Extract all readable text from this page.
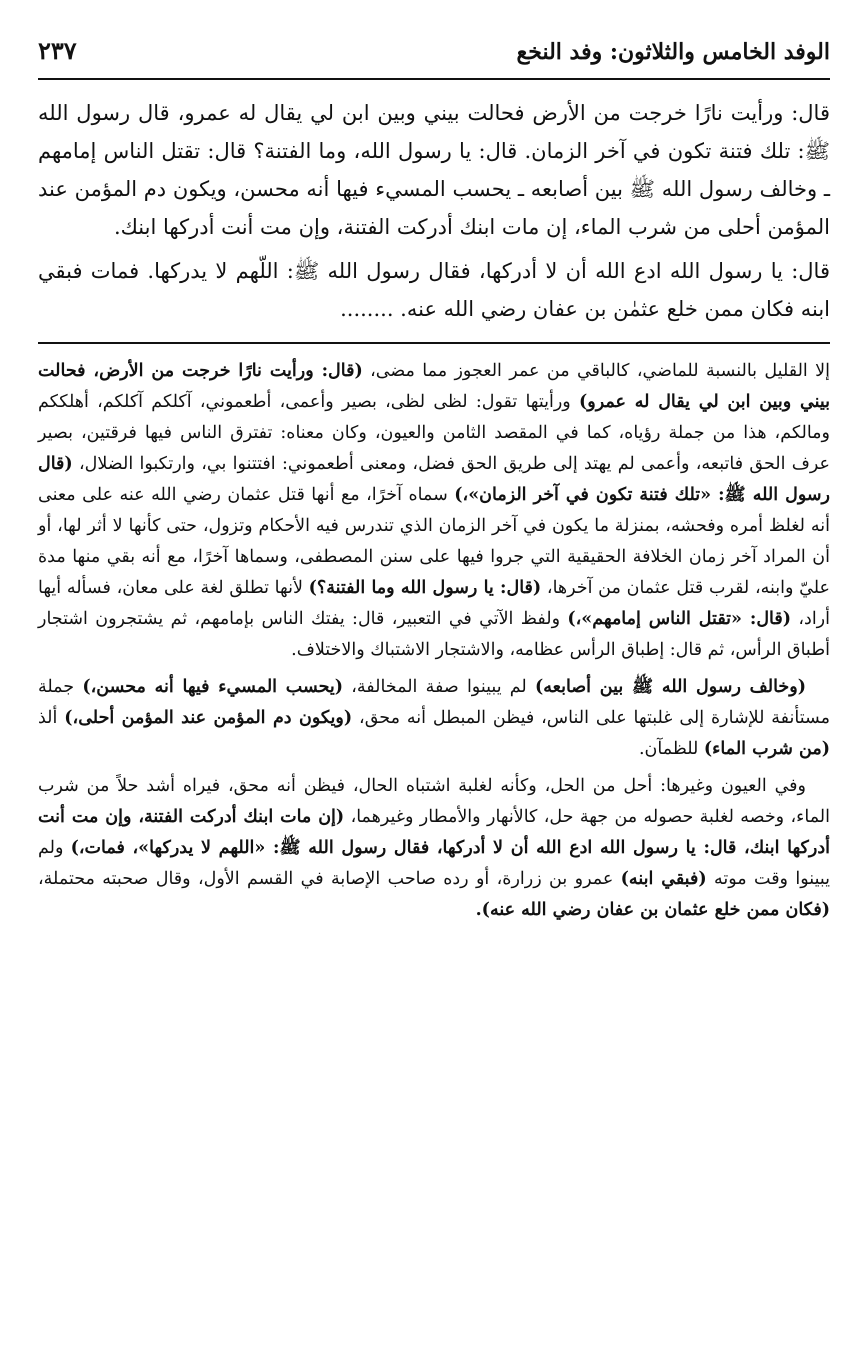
الوفد الخامس والثلاثون: وفد النخع
٢٣٧

قال: ورأيت نارًا خرجت من الأرض فحالت بيني وبين ابن لي يقال له عمرو، قال رسول الله ﷺ: تلك فتنة تكون في آخر الزمان. قال: يا رسول الله، وما الفتنة؟ قال: تقتل الناس إمامهم ـ وخالف رسول الله ﷺ بين أصابعه ـ يحسب المسيء فيها أنه محسن، ويكون دم المؤمن عند المؤمن أحلى من شرب الماء، إن مات ابنك أدركت الفتنة، وإن مت أنت أدركها ابنك.

قال: يا رسول الله ادع الله أن لا أدركها، فقال رسول الله ﷺ: اللّهم لا يدركها. فمات فبقي ابنه فكان ممن خلع عثمٰن بن عفان رضي الله عنه. ........

إلا القليل بالنسبة للماضي، كالباقي من عمر العجوز مما مضى، (قال: ورأيت نارًا خرجت من الأرض، فحالت بيني وبين ابن لي يقال له عمرو) ورأيتها تقول: لظى لظى، بصير وأعمى، أطعموني، آكلكم آكلكم، أهلككم ومالكم، هذا من جملة رؤياه، كما في المقصد الثامن والعيون، وكان معناه: تفترق الناس فيها فرقتين، بصير عرف الحق فاتبعه، وأعمى لم يهتد إلى طريق الحق فضل، ومعنى أطعموني: افتتنوا بي، وارتكبوا الضلال، (قال رسول الله ﷺ: «تلك فتنة تكون في آخر الزمان»،) سماه آخرًا، مع أنها قتل عثمان رضي الله عنه على معنى أنه لغلظ أمره وفحشه، بمنزلة ما يكون في آخر الزمان الذي تندرس فيه الأحكام وتزول، حتى كأنها لا أثر لها، أو أن المراد آخر زمان الخلافة الحقيقية التي جروا فيها على سنن المصطفى، وسماها آخرًا، مع أنه بقي منها مدة عليّ وابنه، لقرب قتل عثمان من آخرها، (قال: يا رسول الله وما الفتنة؟) لأنها تطلق لغة على معان، فسأله أيها أراد، (قال: «تقتل الناس إمامهم»،) ولفظ الآتي في التعبير، قال: يفتك الناس بإمامهم، ثم يشتجرون اشتجار أطباق الرأس، ثم قال: إطباق الرأس عظامه، والاشتجار الاشتباك والاختلاف.

(وخالف رسول الله ﷺ بين أصابعه) لم يبينوا صفة المخالفة، (يحسب المسيء فيها أنه محسن،) جملة مستأنفة للإشارة إلى غلبتها على الناس، فيظن المبطل أنه محق، (ويكون دم المؤمن عند المؤمن أحلى،) ألذ (من شرب الماء) للظمآن.

وفي العيون وغيرها: أحل من الحل، وكأنه لغلبة اشتباه الحال، فيظن أنه محق، فيراه أشد حلاً من شرب الماء، وخصه لغلبة حصوله من جهة حل، كالأنهار والأمطار وغيرهما، (إن مات ابنك أدركت الفتنة، وإن مت أنت أدركها ابنك، قال: يا رسول الله ادع الله أن لا أدركها، فقال رسول الله ﷺ: «اللهم لا يدركها»، فمات،) ولم يبينوا وقت موته (فبقي ابنه) عمرو بن زرارة، أو رده صاحب الإصابة في القسم الأول، وقال صحبته محتملة، (فكان ممن خلع عثمان بن عفان رضي الله عنه).
